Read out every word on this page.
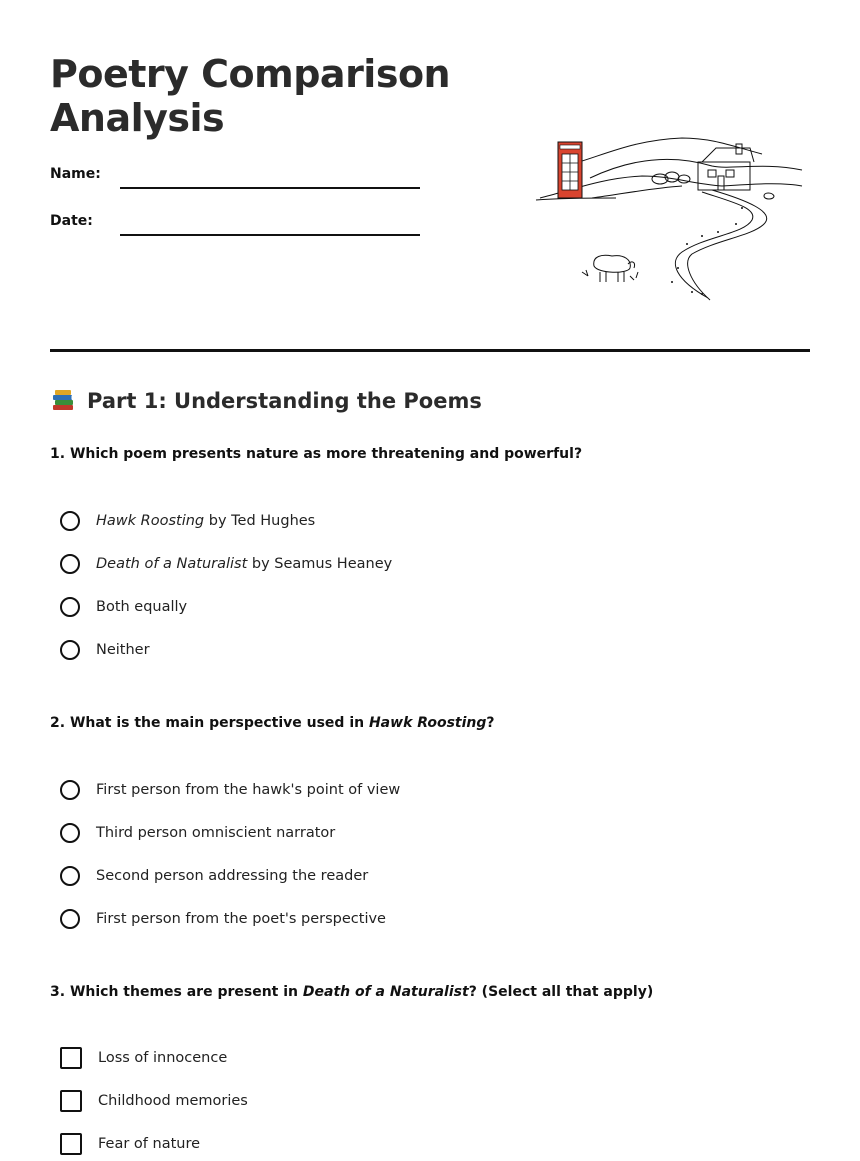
Poetry Comparison Analysis
Name:
Date:
Part 1: Understanding the Poems
1. Which poem presents nature as more threatening and powerful?
Hawk Roosting by Ted Hughes
Death of a Naturalist by Seamus Heaney
Both equally
Neither
2. What is the main perspective used in Hawk Roosting?
First person from the hawk's point of view
Third person omniscient narrator
Second person addressing the reader
First person from the poet's perspective
3. Which themes are present in Death of a Naturalist? (Select all that apply)
Loss of innocence
Childhood memories
Fear of nature
